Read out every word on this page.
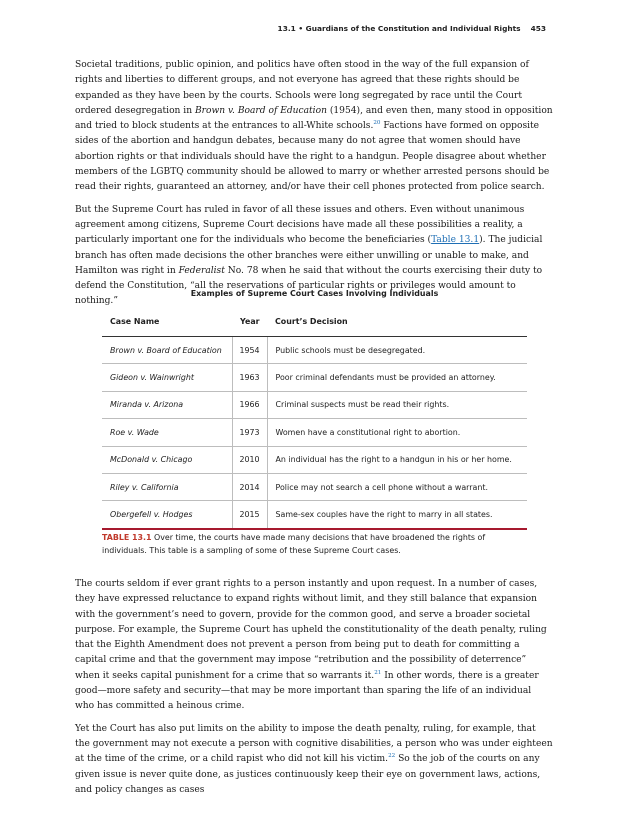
13.1 • Guardians of the Constitution and Individual Rights 453

Societal traditions, public opinion, and politics have often stood in the way of the full expansion of rights and liberties to different groups, and not everyone has agreed that these rights should be expanded as they have been by the courts. Schools were long segregated by race until the Court ordered desegregation in Brown v. Board of Education (1954), and even then, many stood in opposition and tried to block students at the entrances to all-White schools.$^{20}$ Factions have formed on opposite sides of the abortion and handgun debates, because many do not agree that women should have abortion rights or that individuals should have the right to a handgun. People disagree about whether members of the LGBTQ community should be allowed to marry or whether arrested persons should be read their rights, guaranteed an attorney, and/or have their cell phones protected from police search.

But the Supreme Court has ruled in favor of all these issues and others. Even without unanimous agreement among citizens, Supreme Court decisions have made all these possibilities a reality, a particularly important one for the individuals who become the beneficiaries (Table 13.1). The judicial branch has often made decisions the other branches were either unwilling or unable to make, and Hamilton was right in Federalist No. 78 when he said that without the courts exercising their duty to defend the Constitution, “all the reservations of particular rights or privileges would amount to nothing.”

Examples of Supreme Court Cases Involving Individuals
Case Name	Year	Court’s Decision
Brown v. Board of Education	1954	Public schools must be desegregated.
Gideon v. Wainwright	1963	Poor criminal defendants must be provided an attorney.
Miranda v. Arizona	1966	Criminal suspects must be read their rights.
Roe v. Wade	1973	Women have a constitutional right to abortion.
McDonald v. Chicago	2010	An individual has the right to a handgun in his or her home.
Riley v. California	2014	Police may not search a cell phone without a warrant.
Obergefell v. Hodges	2015	Same-sex couples have the right to marry in all states.
TABLE 13.1 Over time, the courts have made many decisions that have broadened the rights of individuals. This table is a sampling of some of these Supreme Court cases.

The courts seldom if ever grant rights to a person instantly and upon request. In a number of cases, they have expressed reluctance to expand rights without limit, and they still balance that expansion with the government’s need to govern, provide for the common good, and serve a broader societal purpose. For example, the Supreme Court has upheld the constitutionality of the death penalty, ruling that the Eighth Amendment does not prevent a person from being put to death for committing a capital crime and that the government may impose “retribution and the possibility of deterrence” when it seeks capital punishment for a crime that so warrants it.$^{21}$ In other words, there is a greater good—more safety and security—that may be more important than sparing the life of an individual who has committed a heinous crime.

Yet the Court has also put limits on the ability to impose the death penalty, ruling, for example, that the government may not execute a person with cognitive disabilities, a person who was under eighteen at the time of the crime, or a child rapist who did not kill his victim.$^{22}$ So the job of the courts on any given issue is never quite done, as justices continuously keep their eye on government laws, actions, and policy changes as cases
